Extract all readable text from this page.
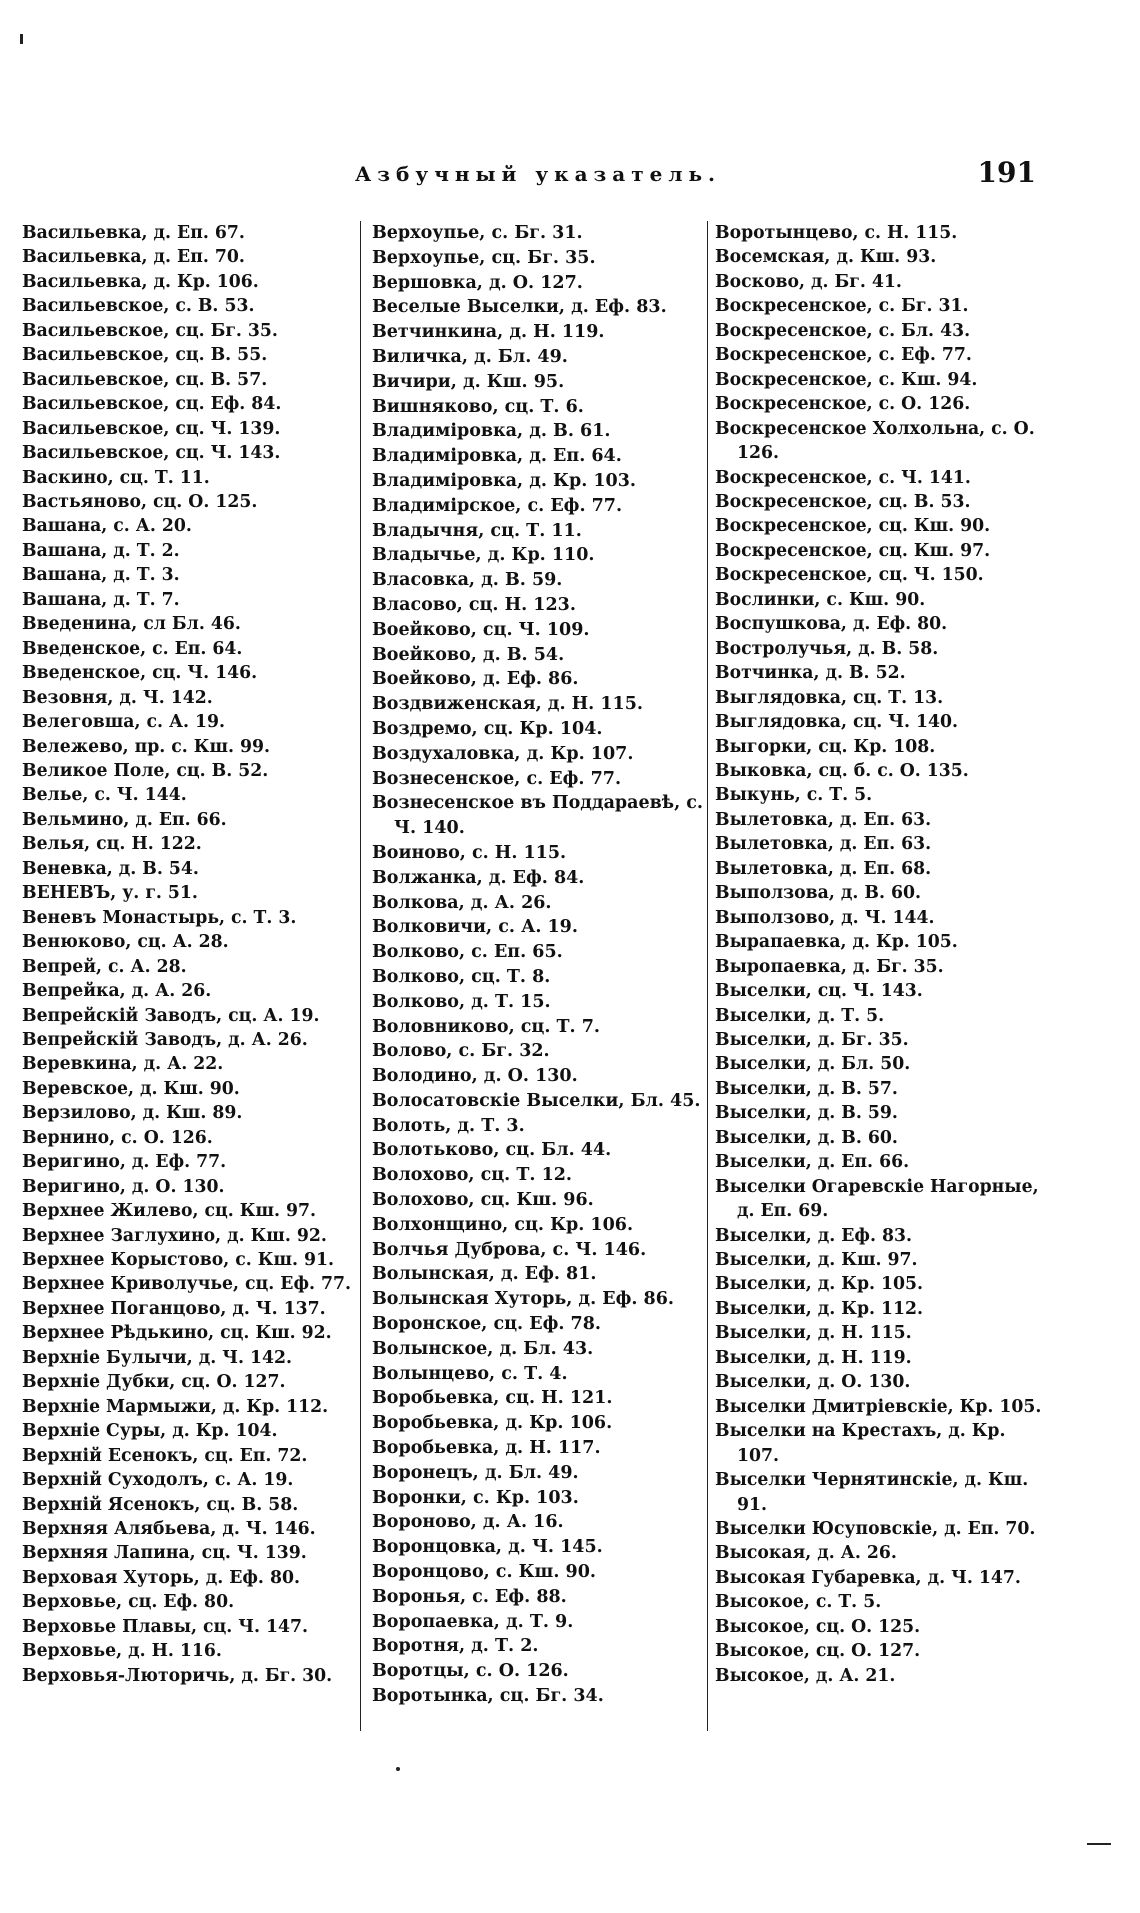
Азбучный указатель.	191
Васильевка, д. Еп. 67.
Васильевка, д. Еп. 70.
Васильевка, д. Кр. 106.
Васильевское, с. В. 53.
Васильевское, сц. Бг. 35.
Васильевское, сц. В. 55.
Васильевское, сц. В. 57.
Васильевское, сц. Еф. 84.
Васильевское, сц. Ч. 139.
Васильевское, сц. Ч. 143.
Васкино, сц. Т. 11.
Вастьяново, сц. О. 125.
Вашана, с. А. 20.
Вашана, д. Т. 2.
Вашана, д. Т. 3.
Вашана, д. Т. 7.
Введенина, сл Бл. 46.
Введенское, с. Еп. 64.
Введенское, сц. Ч. 146.
Везовня, д. Ч. 142.
Велеговша, с. А. 19.
Вележево, пр. с. Кш. 99.
Великое Поле, сц. В. 52.
Велье, с. Ч. 144.
Вельмино, д. Еп. 66.
Велья, сц. Н. 122.
Веневка, д. В. 54.
ВЕНЕВЪ, у. г. 51.
Веневъ Монастырь, с. Т. 3.
Венюково, сц. А. 28.
Вепрей, с. А. 28.
Вепрейка, д. А. 26.
Вепрейскій Заводъ, сц. А. 19.
Вепрейскій Заводъ, д. А. 26.
Веревкина, д. А. 22.
Веревское, д. Кш. 90.
Верзилово, д. Кш. 89.
Вернино, с. О. 126.
Веригино, д. Еф. 77.
Веригино, д. О. 130.
Верхнее Жилево, сц. Кш. 97.
Верхнее Заглухино, д. Кш. 92.
Верхнее Корыстово, с. Кш. 91.
Верхнее Криволучье, сц. Еф. 77.
Верхнее Поганцово, д. Ч. 137.
Верхнее Рѣдькино, сц. Кш. 92.
Верхніе Булычи, д. Ч. 142.
Верхніе Дубки, сц. О. 127.
Верхніе Мармыжи, д. Кр. 112.
Верхніе Суры, д. Кр. 104.
Верхній Есенокъ, сц. Еп. 72.
Верхній Суходолъ, с. А. 19.
Верхній Ясенокъ, сц. В. 58.
Верхняя Алябьева, д. Ч. 146.
Верхняя Лапина, сц. Ч. 139.
Верховая Хуторь, д. Еф. 80.
Верховье, сц. Еф. 80.
Верховье Плавы, сц. Ч. 147.
Верховье, д. Н. 116.
Верховья-Лютоpичь, д. Бг. 30.
Верхоупье, с. Бг. 31.
Верхоупье, сц. Бг. 35.
Вершовка, д. О. 127.
Веселые Выселки, д. Еф. 83.
Ветчинкина, д. Н. 119.
Виличка, д. Бл. 49.
Вичири, д. Кш. 95.
Вишняково, сц. Т. 6.
Владиміровка, д. В. 61.
Владиміровка, д. Еп. 64.
Владиміровка, д. Кр. 103.
Владимірское, с. Еф. 77.
Владычня, сц. Т. 11.
Владычье, д. Кр. 110.
Власовка, д. В. 59.
Власово, сц. Н. 123.
Воейково, сц. Ч. 109.
Воейково, д. В. 54.
Воейково, д. Еф. 86.
Воздвиженская, д. Н. 115.
Воздремо, сц. Кр. 104.
Воздухаловка, д. Кр. 107.
Вознесенское, с. Еф. 77.
Вознесенское въ Поддараевѣ, с. Ч. 140.
Воиново, с. Н. 115.
Волжанка, д. Еф. 84.
Волкова, д. А. 26.
Волковичи, с. А. 19.
Волково, с. Еп. 65.
Волково, сц. Т. 8.
Волково, д. Т. 15.
Воловниково, сц. Т. 7.
Волово, с. Бг. 32.
Володино, д. О. 130.
Волосатовскіе Выселки, Бл. 45.
Волоть, д. Т. 3.
Волотьково, сц. Бл. 44.
Волохово, сц. Т. 12.
Волохово, сц. Кш. 96.
Волхонщино, сц. Кр. 106.
Волчья Дуброва, с. Ч. 146.
Волынская, д. Еф. 81.
Волынская Хуторь, д. Еф. 86.
Воронское, сц. Еф. 78.
Волынское, д. Бл. 43.
Волынцево, с. Т. 4.
Воробьевка, сц. Н. 121.
Воробьевка, д. Кр. 106.
Воробьевка, д. Н. 117.
Воронецъ, д. Бл. 49.
Воронки, с. Кр. 103.
Вороново, д. А. 16.
Воронцовка, д. Ч. 145.
Воронцово, с. Кш. 90.
Воронья, с. Еф. 88.
Воропаевка, д. Т. 9.
Воротня, д. Т. 2.
Воротцы, с. О. 126.
Воротынка, сц. Бг. 34.
Воротынцево, с. Н. 115.
Восемская, д. Кш. 93.
Восково, д. Бг. 41.
Воскресенское, с. Бг. 31.
Воскресенское, с. Бл. 43.
Воскресенское, с. Еф. 77.
Воскресенское, с. Кш. 94.
Воскресенское, с. О. 126.
Воскресенское Холхольна, с. О. 126.
Воскресенское, с. Ч. 141.
Воскресенское, сц. В. 53.
Воскресенское, сц. Кш. 90.
Воскресенское, сц. Кш. 97.
Воскресенское, сц. Ч. 150.
Вослинки, с. Кш. 90.
Воспушкова, д. Еф. 80.
Востролучья, д. В. 58.
Вотчинка, д. В. 52.
Выглядовка, сц. Т. 13.
Выглядовка, сц. Ч. 140.
Выгорки, сц. Кр. 108.
Выковка, сц. б. с. О. 135.
Выкунь, с. Т. 5.
Вылетовка, д. Еп. 63.
Вылетовка, д. Еп. 63.
Вылетовка, д. Еп. 68.
Выползова, д. В. 60.
Выползово, д. Ч. 144.
Вырапаевка, д. Кр. 105.
Выропаевка, д. Бг. 35.
Выселки, сц. Ч. 143.
Выселки, д. Т. 5.
Выселки, д. Бг. 35.
Выселки, д. Бл. 50.
Выселки, д. В. 57.
Выселки, д. В. 59.
Выселки, д. В. 60.
Выселки, д. Еп. 66.
Выселки Огаревскіе Нагорные, д. Еп. 69.
Выселки, д. Еф. 83.
Выселки, д. Кш. 97.
Выселки, д. Кр. 105.
Выселки, д. Кр. 112.
Выселки, д. Н. 115.
Выселки, д. Н. 119.
Выселки, д. О. 130.
Выселки Дмитріевскіе, Кр. 105.
Выселки на Крестахъ, д. Кр. 107.
Выселки Чернятинскіе, д. Кш. 91.
Выселки Юсуповскіе, д. Еп. 70.
Высокая, д. А. 26.
Высокая Губаревка, д. Ч. 147.
Высокое, с. Т. 5.
Высокое, сц. О. 125.
Высокое, сц. О. 127.
Высокое, д. А. 21.
